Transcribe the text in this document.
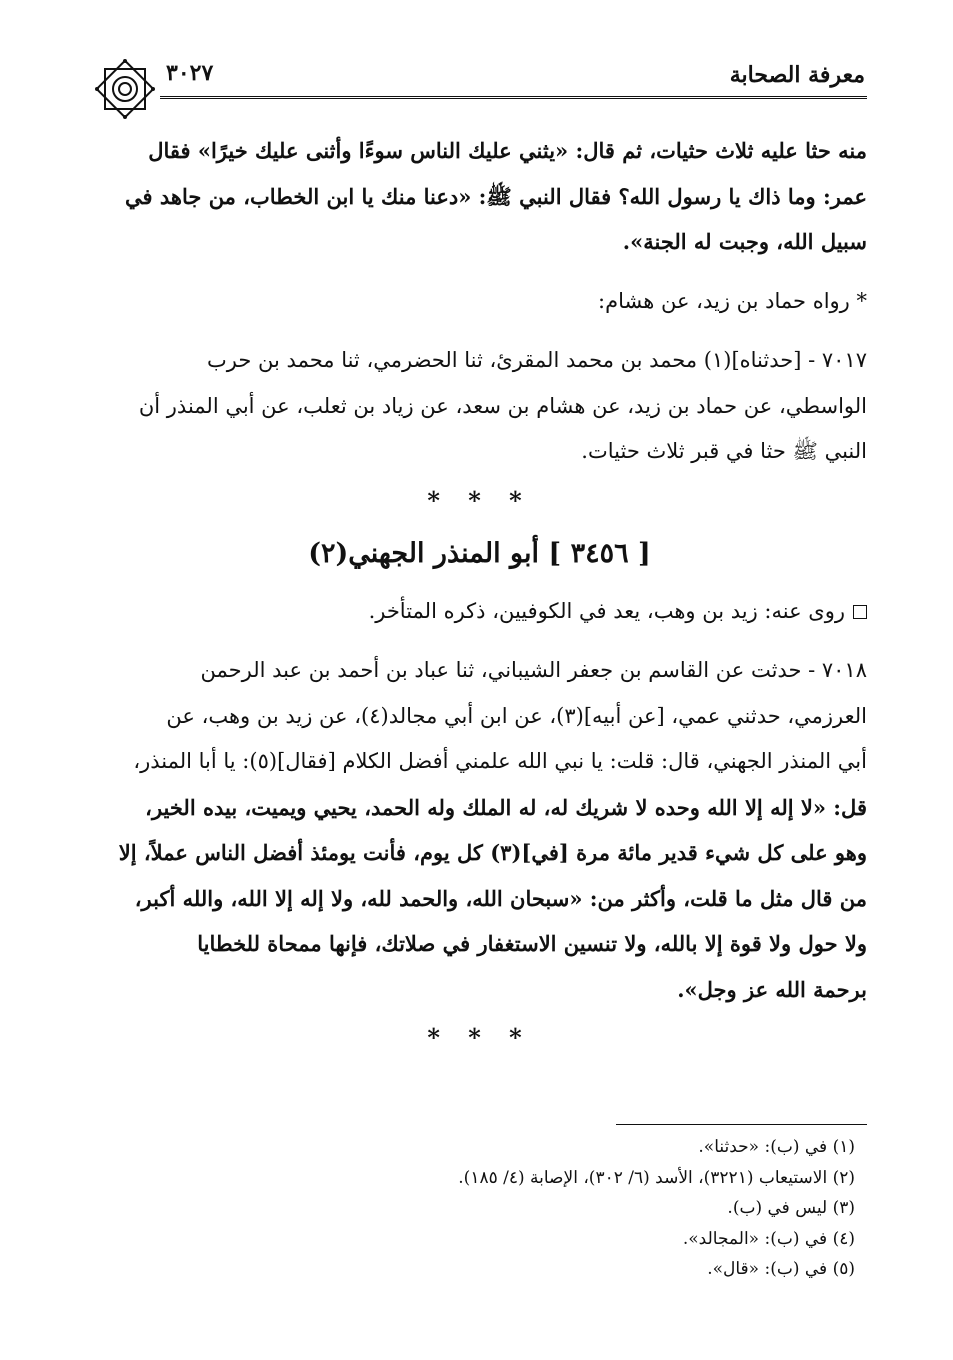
معرفة الصحابة
٣٠٢٧

منه حثا عليه ثلاث حثيات، ثم قال: «يثني عليك الناس سوءًا وأثنى عليك خيرًا» فقال

عمر: وما ذاك يا رسول الله؟ فقال النبي ﷺ: «دعنا منك يا ابن الخطاب، من جاهد في

سبيل الله، وجبت له الجنة».

* رواه حماد بن زيد، عن هشام:

٧٠١٧ - [حدثناه](١) محمد بن محمد المقرئ، ثنا الحضرمي، ثنا محمد بن حرب

الواسطي، عن حماد بن زيد، عن هشام بن سعد، عن زياد بن ثعلب، عن أبي المنذر أن

النبي ﷺ حثا في قبر ثلاث حثيات.

* * *
[ ٣٤٥٦ ] أبو المنذر الجهني(٢)

روى عنه: زيد بن وهب، يعد في الكوفيين، ذكره المتأخر.

٧٠١٨ - حدثت عن القاسم بن جعفر الشيباني، ثنا عباد بن أحمد بن عبد الرحمن

العرزمي، حدثني عمي، [عن أبيه](٣)، عن ابن أبي مجالد(٤)، عن زيد بن وهب، عن

أبي المنذر الجهني، قال: قلت: يا نبي الله علمني أفضل الكلام [فقال](٥): يا أبا المنذر،

قل: «لا إله إلا الله وحده لا شريك له، له الملك وله الحمد، يحيي ويميت، بيده الخير،

وهو على كل شيء قدير مائة مرة [في](٣) كل يوم، فأنت يومئذ أفضل الناس عملاً، إلا

من قال مثل ما قلت، وأكثر من: «سبحان الله، والحمد لله، ولا إله إلا الله، والله أكبر،

ولا حول ولا قوة إلا بالله، ولا تنسين الاستغفار في صلاتك، فإنها ممحاة للخطايا

برحمة الله عز وجل».

* * *
(١) في (ب): «حدثنا».
(٢) الاستيعاب (٣٢٢١)، الأسد (٦/ ٣٠٢)، الإصابة (٤/ ١٨٥).
(٣) ليس في (ب).
(٤) في (ب): «المجالد».
(٥) في (ب): «قال».
